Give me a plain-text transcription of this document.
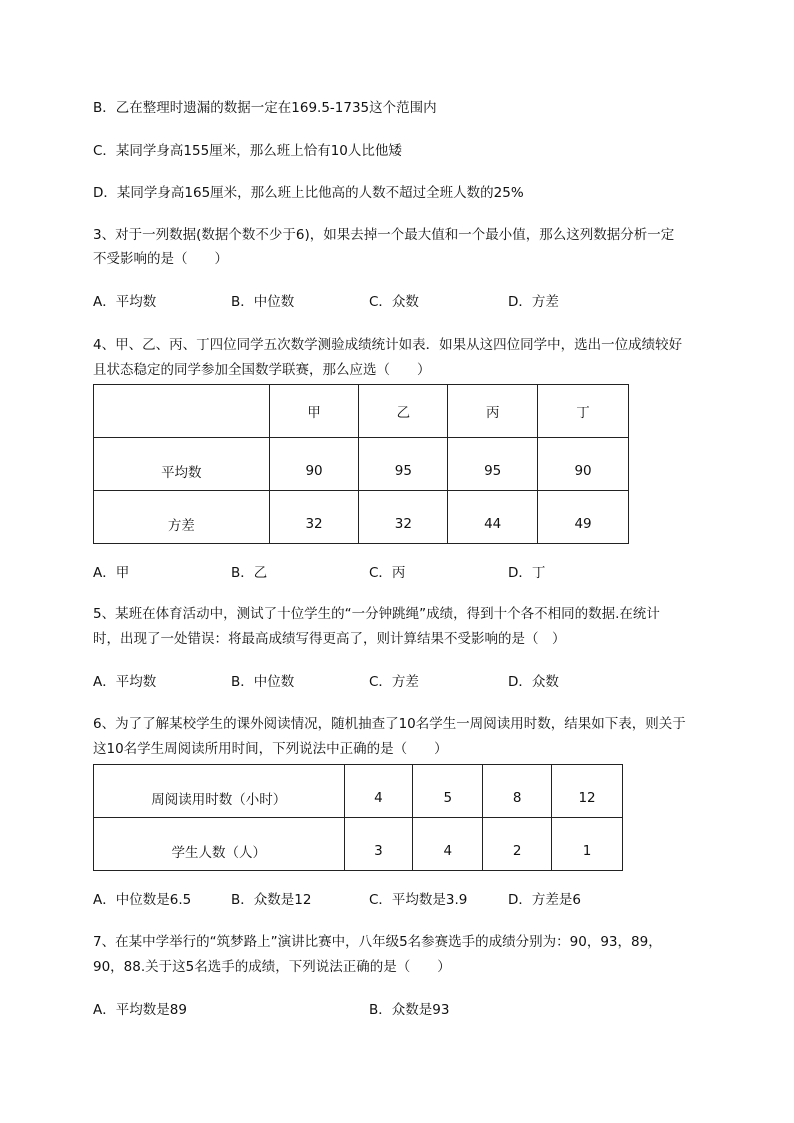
B．乙在整理时遗漏的数据一定在169.5-1735这个范围内
C．某同学身高155厘米，那么班上恰有10人比他矮
D．某同学身高165厘米，那么班上比他高的人数不超过全班人数的25%
3、对于一列数据(数据个数不少于6)，如果去掉一个最大值和一个最小值，那么这列数据分析一定
不受影响的是（　　）
A．平均数	B．中位数	C．众数	D．方差
4、甲、乙、丙、丁四位同学五次数学测验成绩统计如表．如果从这四位同学中，选出一位成绩较好
且状态稳定的同学参加全国数学联赛，那么应选（　　）
	甲	乙	丙	丁
平均数	90	95	95	90
方差	32	32	44	49
A．甲	B．乙	C．丙	D．丁
5、某班在体育活动中，测试了十位学生的“一分钟跳绳”成绩，得到十个各不相同的数据.在统计
时，出现了一处错误：将最高成绩写得更高了，则计算结果不受影响的是（　）
A．平均数	B．中位数	C．方差	D．众数
6、为了了解某校学生的课外阅读情况，随机抽查了10名学生一周阅读用时数，结果如下表，则关于
这10名学生周阅读所用时间，下列说法中正确的是（　　）
周阅读用时数（小时）	4	5	8	12
学生人数（人）	3	4	2	1
A．中位数是6.5	B．众数是12	C．平均数是3.9	D．方差是6
7、在某中学举行的“筑梦路上”演讲比赛中，八年级5名参赛选手的成绩分别为：90，93，89，
90，88.关于这5名选手的成绩，下列说法正确的是（　　）
A．平均数是89	B．众数是93
